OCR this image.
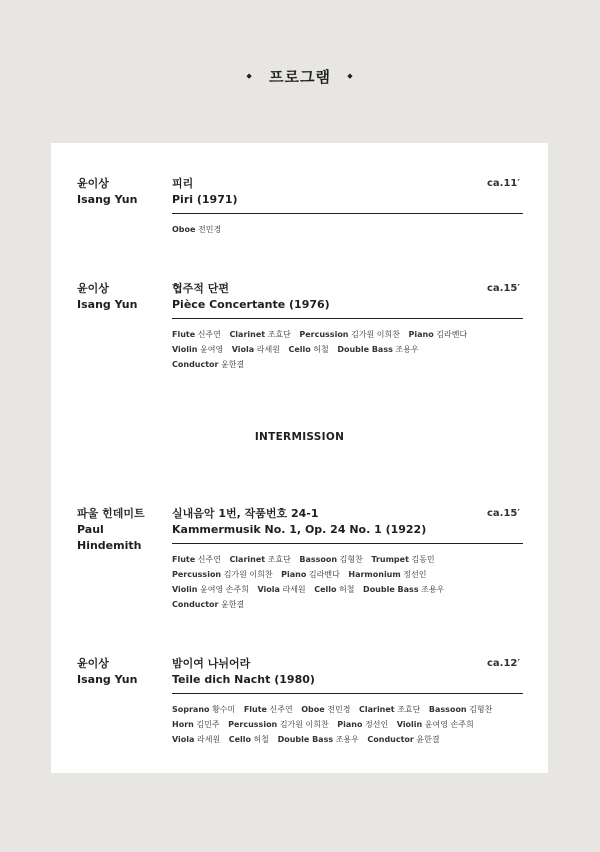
◆ 프로그램 ◆
윤이상
Isang Yun
피리
Piri (1971)
ca.11′
Oboe 전민경
윤이상
Isang Yun
협주적 단편
Pièce Concertante (1976)
ca.15′
Flute 신주연 Clarinet 조효단 Percussion 김가원 이희찬 Piano 김라벤다
Violin 윤여영 Viola 라세원 Cello 허철 Double Bass 조용우
Conductor 윤한결
INTERMISSION
파울 힌데미트
Paul Hindemith
실내음악 1번, 작품번호 24-1
Kammermusik No. 1, Op. 24 No. 1 (1922)
ca.15′
Flute 신주연 Clarinet 조효단 Bassoon 김형찬 Trumpet 김동민
Percussion 김가원 이희찬 Piano 김라벤다 Harmonium 정선인
Violin 윤여영 손주희 Viola 라세원 Cello 허철 Double Bass 조용우
Conductor 윤한결
윤이상
Isang Yun
밤이여 나뉘어라
Teile dich Nacht (1980)
ca.12′
Soprano 황수미 Flute 신주연 Oboe 전민경 Clarinet 조효단 Bassoon 김형찬
Horn 김민주 Percussion 김가원 이희찬 Piano 정선인 Violin 윤여영 손주희
Viola 라세원 Cello 허철 Double Bass 조용우 Conductor 윤한결
